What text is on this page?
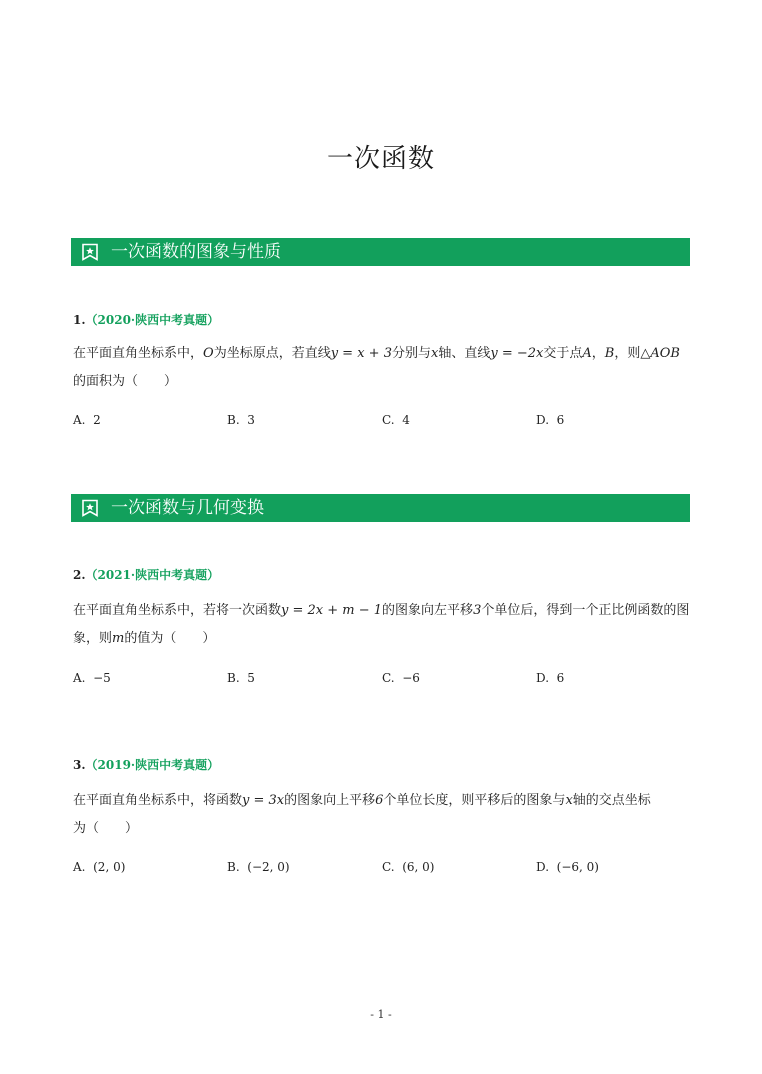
一次函数
一次函数的图象与性质
1.（2020·陕西中考真题）
在平面直角坐标系中，O为坐标原点，若直线y = x + 3分别与x轴、直线y = −2x交于点A，B，则△AOB
的面积为（　　）
A. 2	B. 3	C. 4	D. 6
一次函数与几何变换
2.（2021·陕西中考真题）
在平面直角坐标系中，若将一次函数y = 2x + m − 1的图象向左平移3个单位后，得到一个正比例函数的图
象，则m的值为（　　）
A. −5	B. 5	C. −6	D. 6
3.（2019·陕西中考真题）
在平面直角坐标系中，将函数y = 3x的图象向上平移6个单位长度，则平移后的图象与x轴的交点坐标
为（　　）
A. (2, 0)	B. (−2, 0)	C. (6, 0)	D. (−6, 0)
- 1 -
